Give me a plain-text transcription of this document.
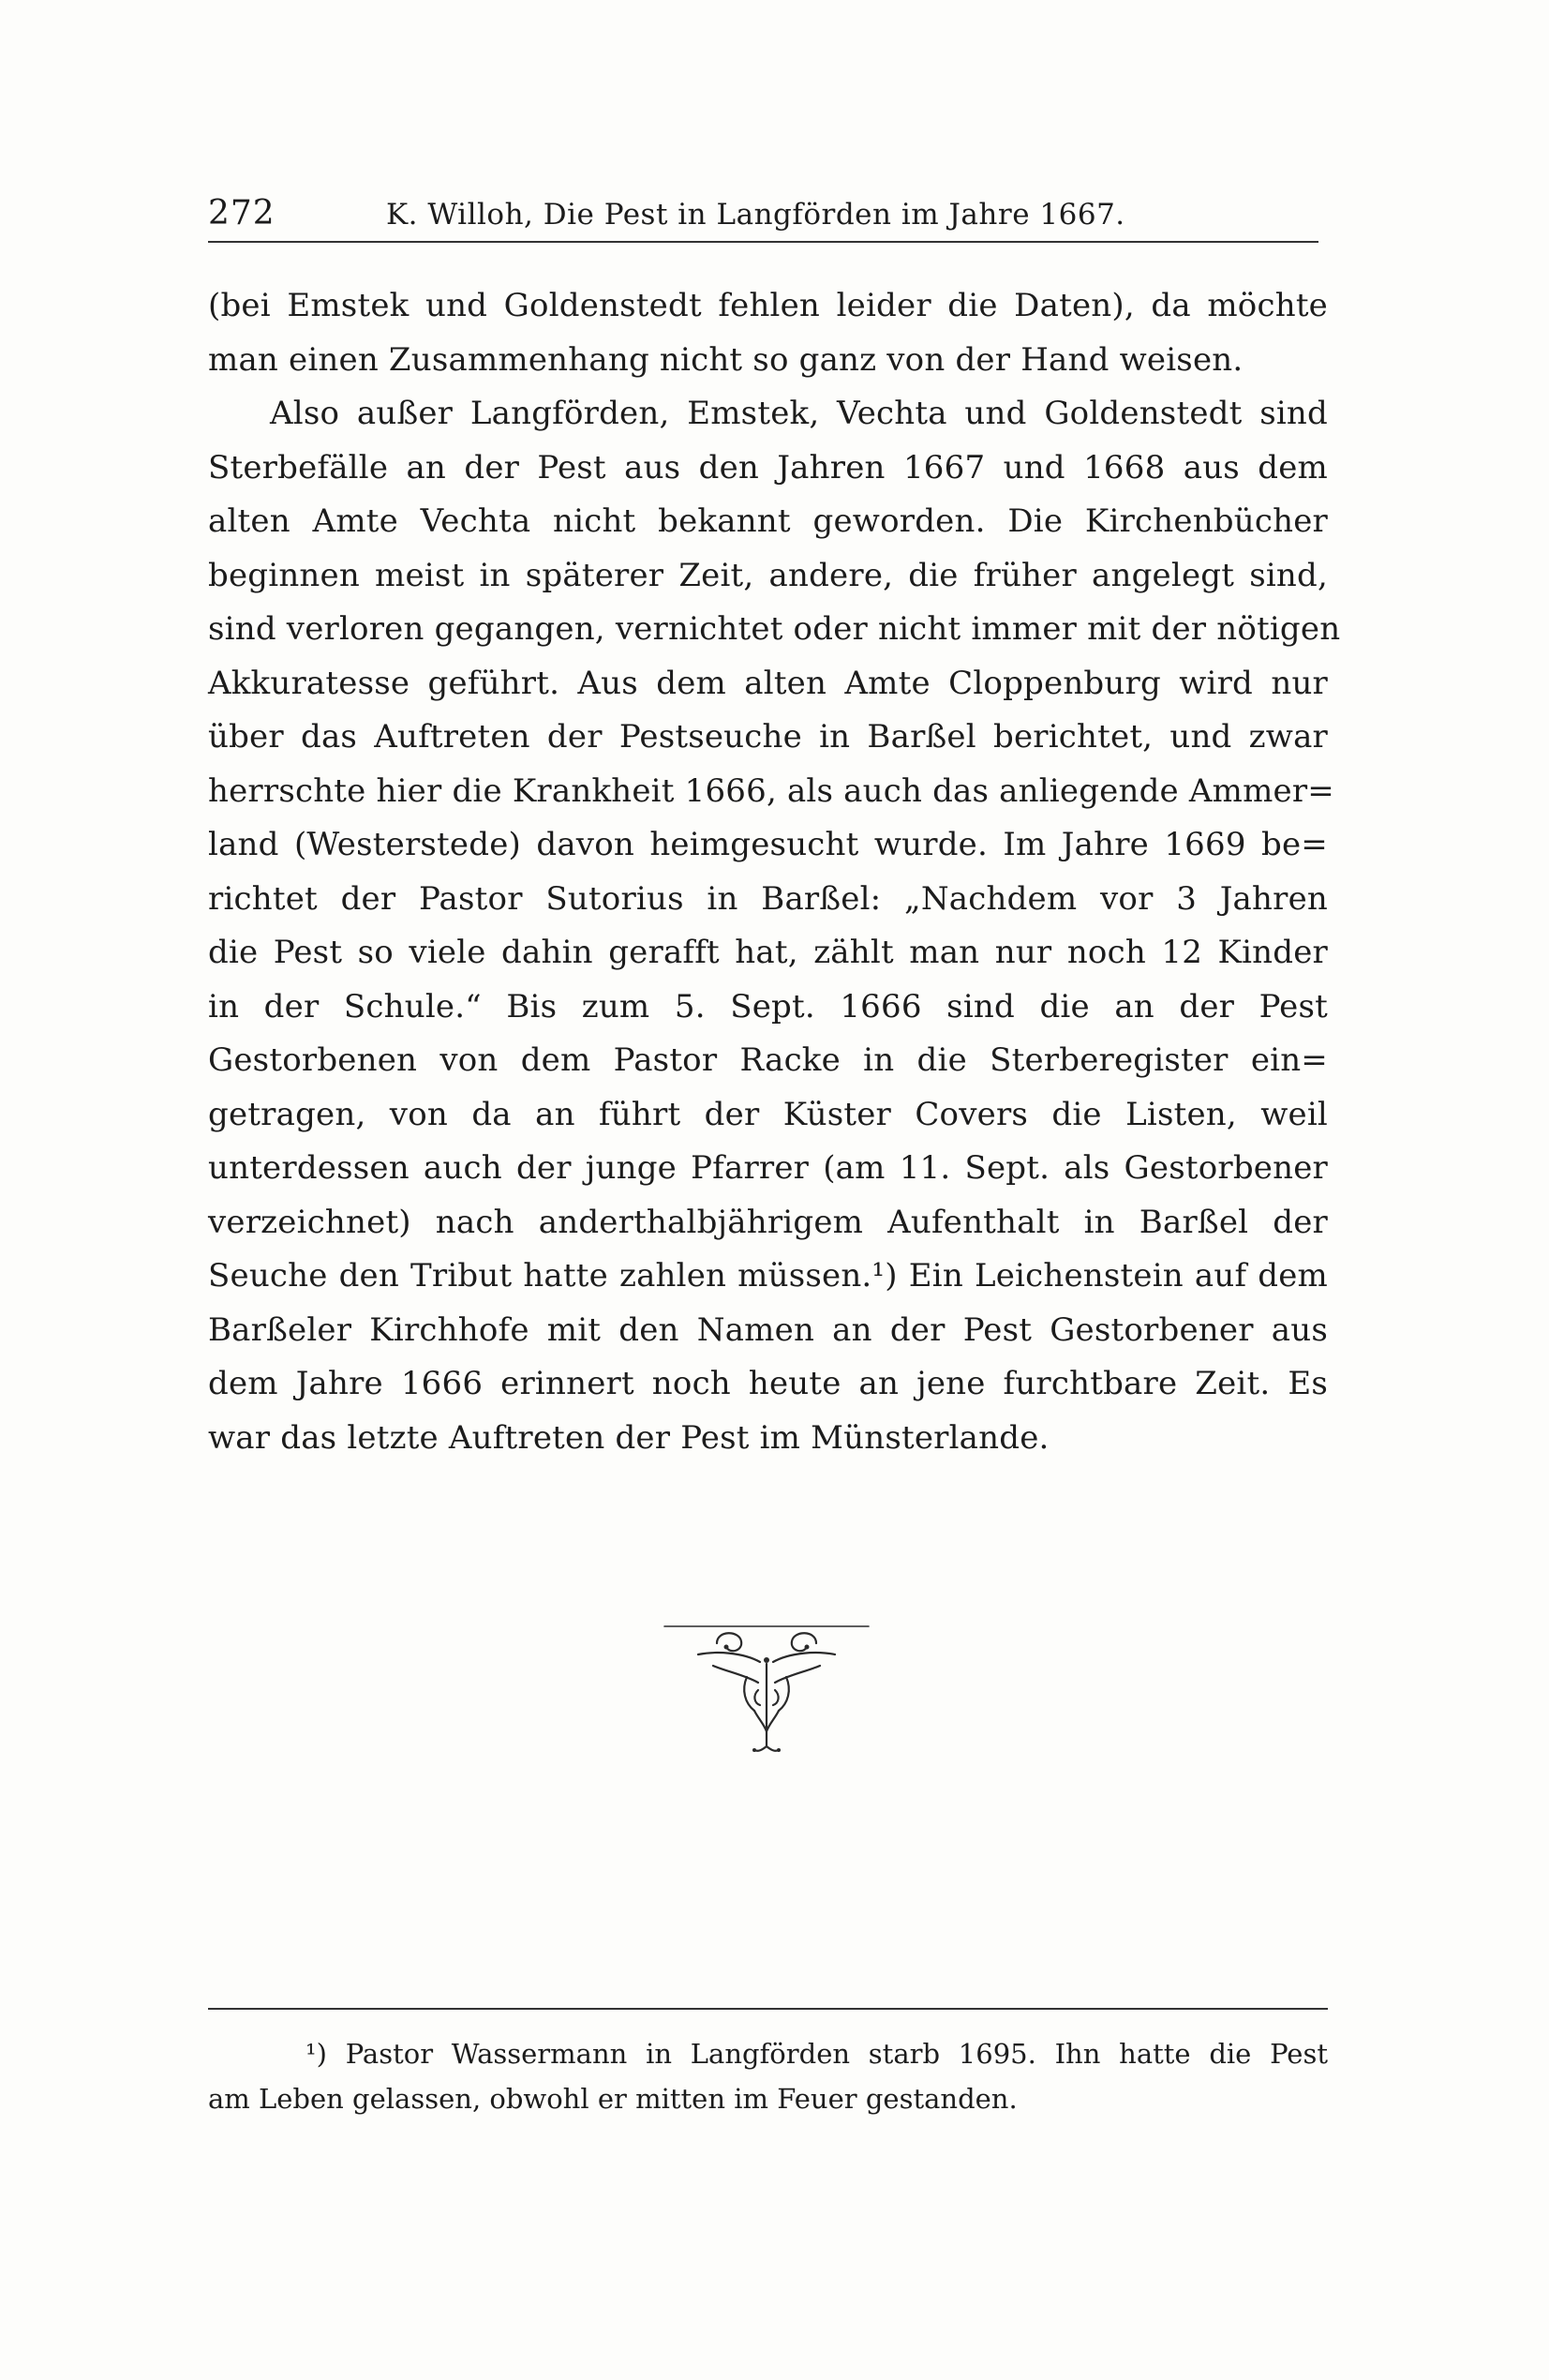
272	K. Willoh, Die Pest in Langförden im Jahre 1667.
(bei Emstek und Goldenstedt fehlen leider die Daten), da möchte
man einen Zusammenhang nicht so ganz von der Hand weisen.
Also außer Langförden, Emstek, Vechta und Goldenstedt sind
Sterbefälle an der Pest aus den Jahren 1667 und 1668 aus dem
alten Amte Vechta nicht bekannt geworden. Die Kirchenbücher
beginnen meist in späterer Zeit, andere, die früher angelegt sind,
sind verloren gegangen, vernichtet oder nicht immer mit der nötigen
Akkuratesse geführt. Aus dem alten Amte Cloppenburg wird nur
über das Auftreten der Pestseuche in Barßel berichtet, und zwar
herrschte hier die Krankheit 1666, als auch das anliegende Ammer=
land (Westerstede) davon heimgesucht wurde. Im Jahre 1669 be=
richtet der Pastor Sutorius in Barßel: „Nachdem vor 3 Jahren
die Pest so viele dahin gerafft hat, zählt man nur noch 12 Kinder
in der Schule.“ Bis zum 5. Sept. 1666 sind die an der Pest
Gestorbenen von dem Pastor Racke in die Sterberegister ein=
getragen, von da an führt der Küster Covers die Listen, weil
unterdessen auch der junge Pfarrer (am 11. Sept. als Gestorbener
verzeichnet) nach anderthalbjährigem Aufenthalt in Barßel der
Seuche den Tribut hatte zahlen müssen.¹) Ein Leichenstein auf dem
Barßeler Kirchhofe mit den Namen an der Pest Gestorbener aus
dem Jahre 1666 erinnert noch heute an jene furchtbare Zeit. Es
war das letzte Auftreten der Pest im Münsterlande.
¹) Pastor Wassermann in Langförden starb 1695. Ihn hatte die Pest
am Leben gelassen, obwohl er mitten im Feuer gestanden.
